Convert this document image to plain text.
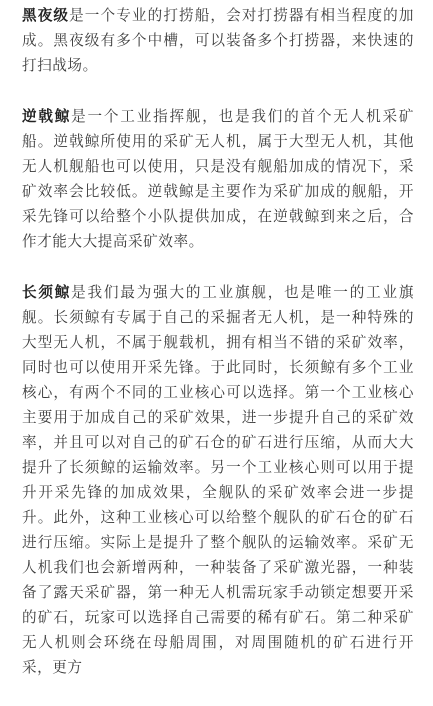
黑夜级是一个专业的打捞船，会对打捞器有相当程度的加成。黑夜级有多个中槽，可以装备多个打捞器，来快速的打扫战场。

逆戟鲸是一个工业指挥舰，也是我们的首个无人机采矿船。逆戟鲸所使用的采矿无人机，属于大型无人机，其他无人机舰船也可以使用，只是没有舰船加成的情况下，采矿效率会比较低。逆戟鲸是主要作为采矿加成的舰船，开采先锋可以给整个小队提供加成，在逆戟鲸到来之后，合作才能大大提高采矿效率。

长须鲸是我们最为强大的工业旗舰，也是唯一的工业旗舰。长须鲸有专属于自己的采掘者无人机，是一种特殊的大型无人机，不属于舰载机，拥有相当不错的采矿效率，同时也可以使用开采先锋。于此同时，长须鲸有多个工业核心，有两个不同的工业核心可以选择。第一个工业核心主要用于加成自己的采矿效果，进一步提升自己的采矿效率，并且可以对自己的矿石仓的矿石进行压缩，从而大大提升了长须鲸的运输效率。另一个工业核心则可以用于提升开采先锋的加成效果，全舰队的采矿效率会进一步提升。此外，这种工业核心可以给整个舰队的矿石仓的矿石进行压缩。实际上是提升了整个舰队的运输效率。采矿无人机我们也会新增两种，一种装备了采矿激光器，一种装备了露天采矿器，第一种无人机需玩家手动锁定想要开采的矿石，玩家可以选择自己需要的稀有矿石。第二种采矿无人机则会环绕在母船周围，对周围随机的矿石进行开采，更方
